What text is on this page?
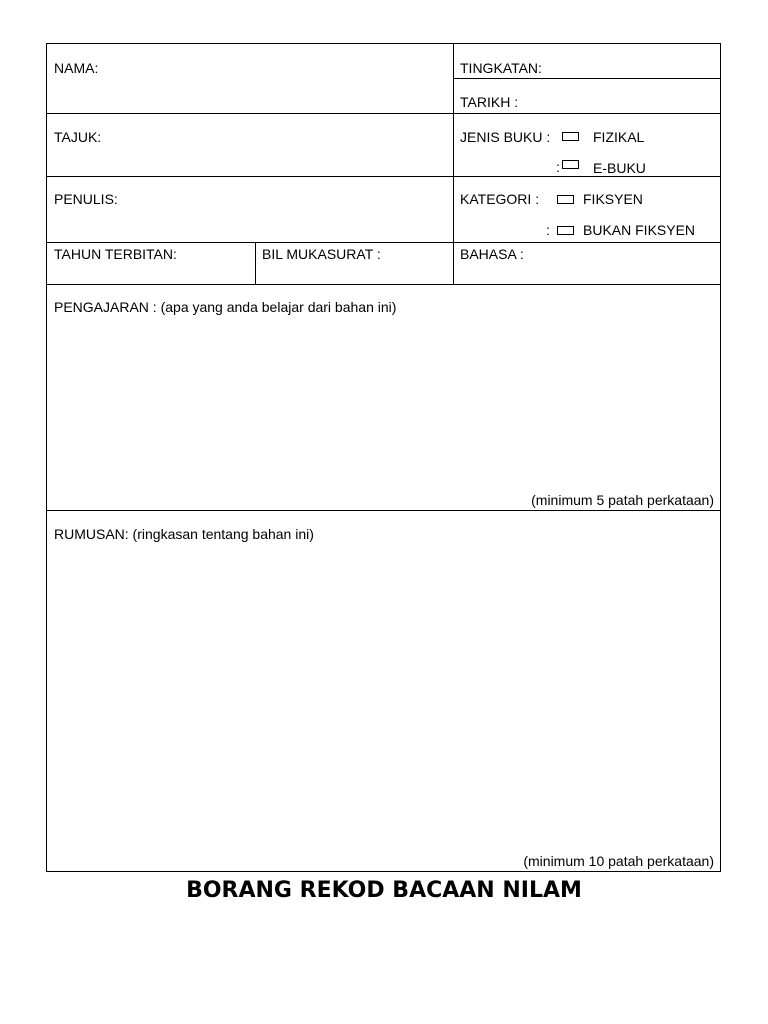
NAMA:	TINGKATAN:
TARIKH :
TAJUK:	JENIS BUKU :	FIZIKAL
: E-BUKU
PENULIS:	KATEGORI :	FIKSYEN
: BUKAN FIKSYEN
TAHUN TERBITAN:	BIL MUKASURAT :	BAHASA :
PENGAJARAN : (apa yang anda belajar dari bahan ini)
(minimum 5 patah perkataan)
RUMUSAN: (ringkasan tentang bahan ini)
(minimum 10 patah perkataan)
BORANG REKOD BACAAN NILAM
